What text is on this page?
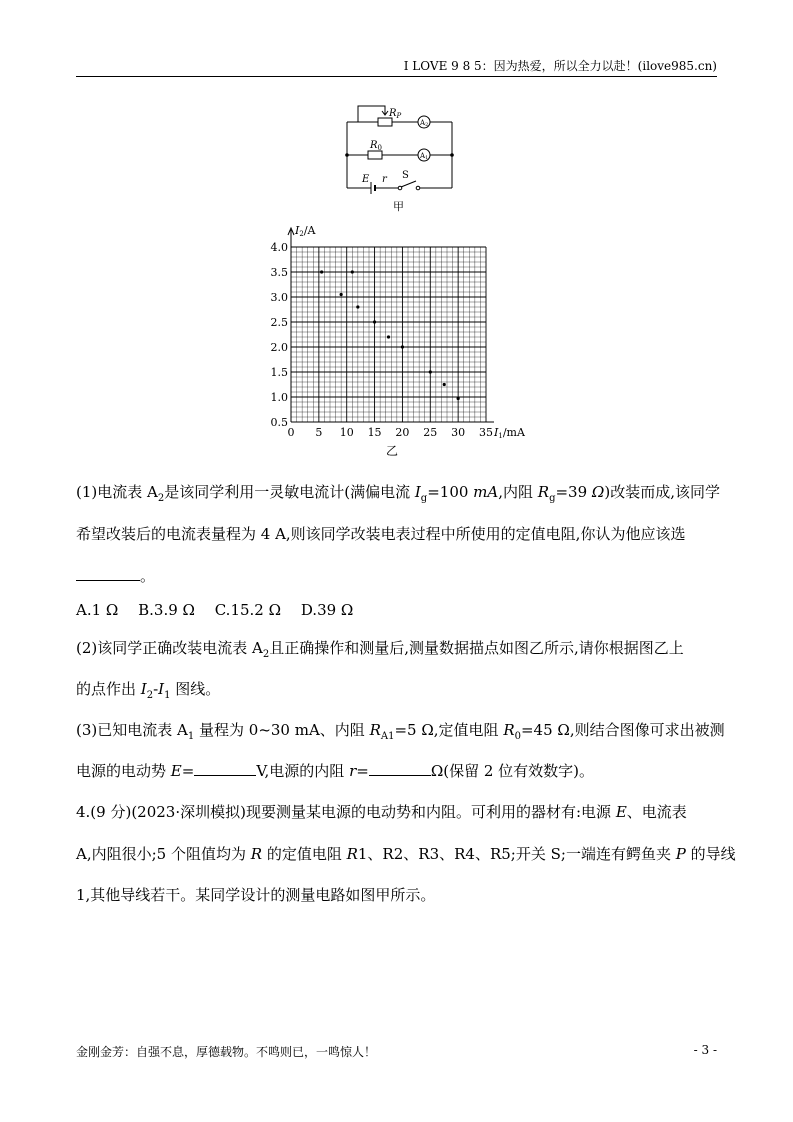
I LOVE 9 8 5：因为热爱，所以全力以赴！(ilove985.cn)
$R_P$
A2
$R_0$
A1
E r S
甲
0 5 10 15 20 25 30 35
4.0
3.5
3.0
2.5
2.0
1.5
1.0
0.5
I2/A
I1/mA
乙
(1)电流表 $A_2$是该同学利用一灵敏电流计(满偏电流 $I_g=100$ mA,内阻 $R_g=39$ Ω)改装而成,该同学
希望改装后的电流表量程为 4 A,则该同学改装电表过程中所使用的定值电阻,你认为他应该选
。
A.1 Ω　 B.3.9 Ω　 C.15.2 Ω　 D.39 Ω
(2)该同学正确改装电流表 $A_2$且正确操作和测量后,测量数据描点如图乙所示,请你根据图乙上
的点作出 $I_2-I_1$ 图线。
(3)已知电流表 $A_1$ 量程为 0~30 mA、内阻 $R_{A1}=5$ Ω,定值电阻 $R_0=45$ Ω,则结合图像可求出被测
电源的电动势 E=	V,电源的内阻 r=	Ω(保留 2 位有效数字)。
4.(9 分)(2023·深圳模拟)现要测量某电源的电动势和内阻。可利用的器材有:电源 E、电流表
A,内阻很小;5 个阻值均为 R 的定值电阻 R1、R2、R3、R4、R5;开关 S;一端连有鳄鱼夹 P 的导线
1,其他导线若干。某同学设计的测量电路如图甲所示。
金刚金芳：自强不息，厚德载物。不鸣则已，一鸣惊人！	- 3 -
